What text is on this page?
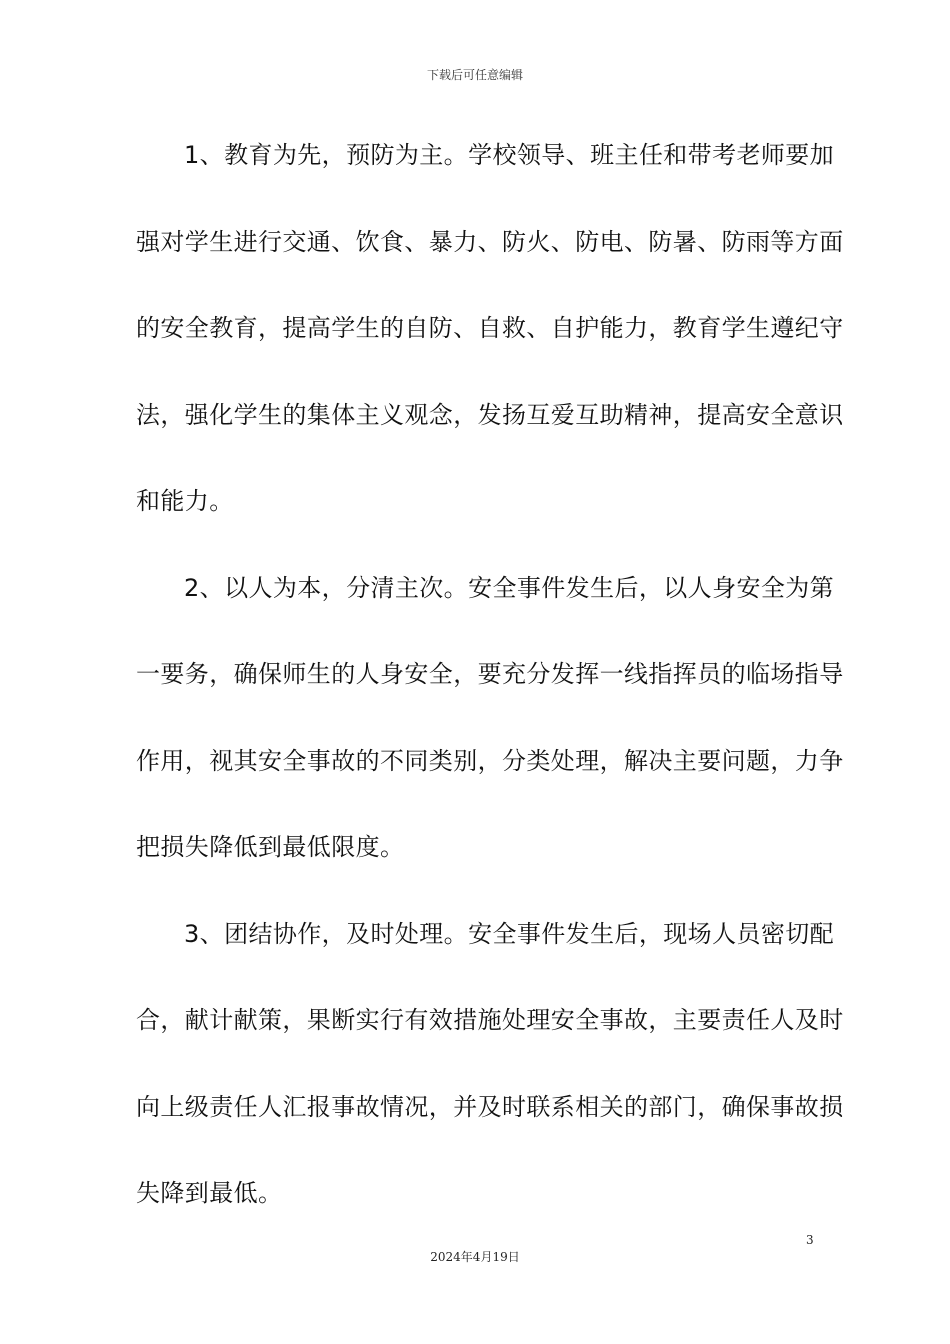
下载后可任意编辑
1、教育为先，预防为主。学校领导、班主任和带考老师要加
强对学生进行交通、饮食、暴力、防火、防电、防暑、防雨等方面
的安全教育，提高学生的自防、自救、自护能力，教育学生遵纪守
法，强化学生的集体主义观念，发扬互爱互助精神，提高安全意识
和能力。
2、以人为本，分清主次。安全事件发生后，以人身安全为第
一要务，确保师生的人身安全，要充分发挥一线指挥员的临场指导
作用，视其安全事故的不同类别，分类处理，解决主要问题，力争
把损失降低到最低限度。
3、团结协作，及时处理。安全事件发生后，现场人员密切配
合，献计献策，果断实行有效措施处理安全事故，主要责任人及时
向上级责任人汇报事故情况，并及时联系相关的部门，确保事故损
失降到最低。
3
2024年4月19日
